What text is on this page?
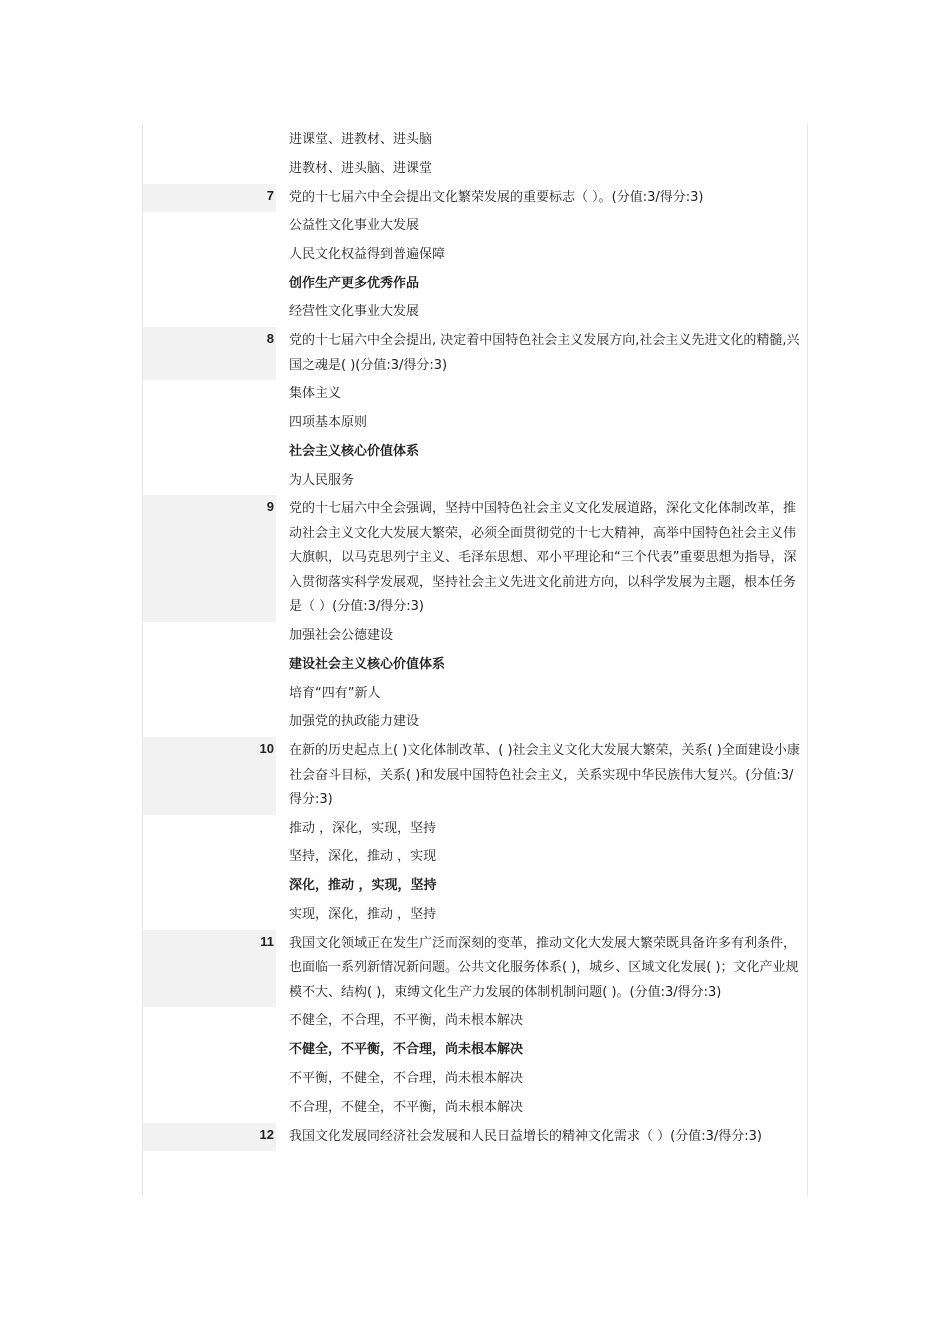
进课堂、进教材、进头脑
进教材、进头脑、进课堂
7	党的十七届六中全会提出文化繁荣发展的重要标志（ ）。(分值:3/得分:3)
公益性文化事业大发展
人民文化权益得到普遍保障
创作生产更多优秀作品
经营性文化事业大发展
8	党的十七届六中全会提出, 决定着中国特色社会主义发展方向,社会主义先进文化的精髓,兴国之魂是( )(分值:3/得分:3)
集体主义
四项基本原则
社会主义核心价值体系
为人民服务
9	党的十七届六中全会强调，坚持中国特色社会主义文化发展道路，深化文化体制改革，推动社会主义文化大发展大繁荣，必须全面贯彻党的十七大精神，高举中国特色社会主义伟大旗帜，以马克思列宁主义、毛泽东思想、邓小平理论和“三个代表”重要思想为指导，深入贯彻落实科学发展观，坚持社会主义先进文化前进方向，以科学发展为主题，根本任务是（ ）(分值:3/得分:3)
加强社会公德建设
建设社会主义核心价值体系
培育“四有”新人
加强党的执政能力建设
10	在新的历史起点上( )文化体制改革、( )社会主义文化大发展大繁荣，关系( )全面建设小康社会奋斗目标，关系( )和发展中国特色社会主义，关系实现中华民族伟大复兴。(分值:3/得分:3)
推动 ，深化，实现，坚持
坚持，深化，推动 ，实现
深化，推动 ，实现，坚持
实现，深化，推动 ，坚持
11	我国文化领域正在发生广泛而深刻的变革，推动文化大发展大繁荣既具备许多有利条件，也面临一系列新情况新问题。公共文化服务体系( )，城乡、区域文化发展( )；文化产业规模不大、结构( )，束缚文化生产力发展的体制机制问题( )。(分值:3/得分:3)
不健全，不合理，不平衡，尚未根本解决
不健全，不平衡，不合理，尚未根本解决
不平衡，不健全，不合理，尚未根本解决
不合理，不健全，不平衡，尚未根本解决
12	我国文化发展同经济社会发展和人民日益增长的精神文化需求（ ）(分值:3/得分:3)
